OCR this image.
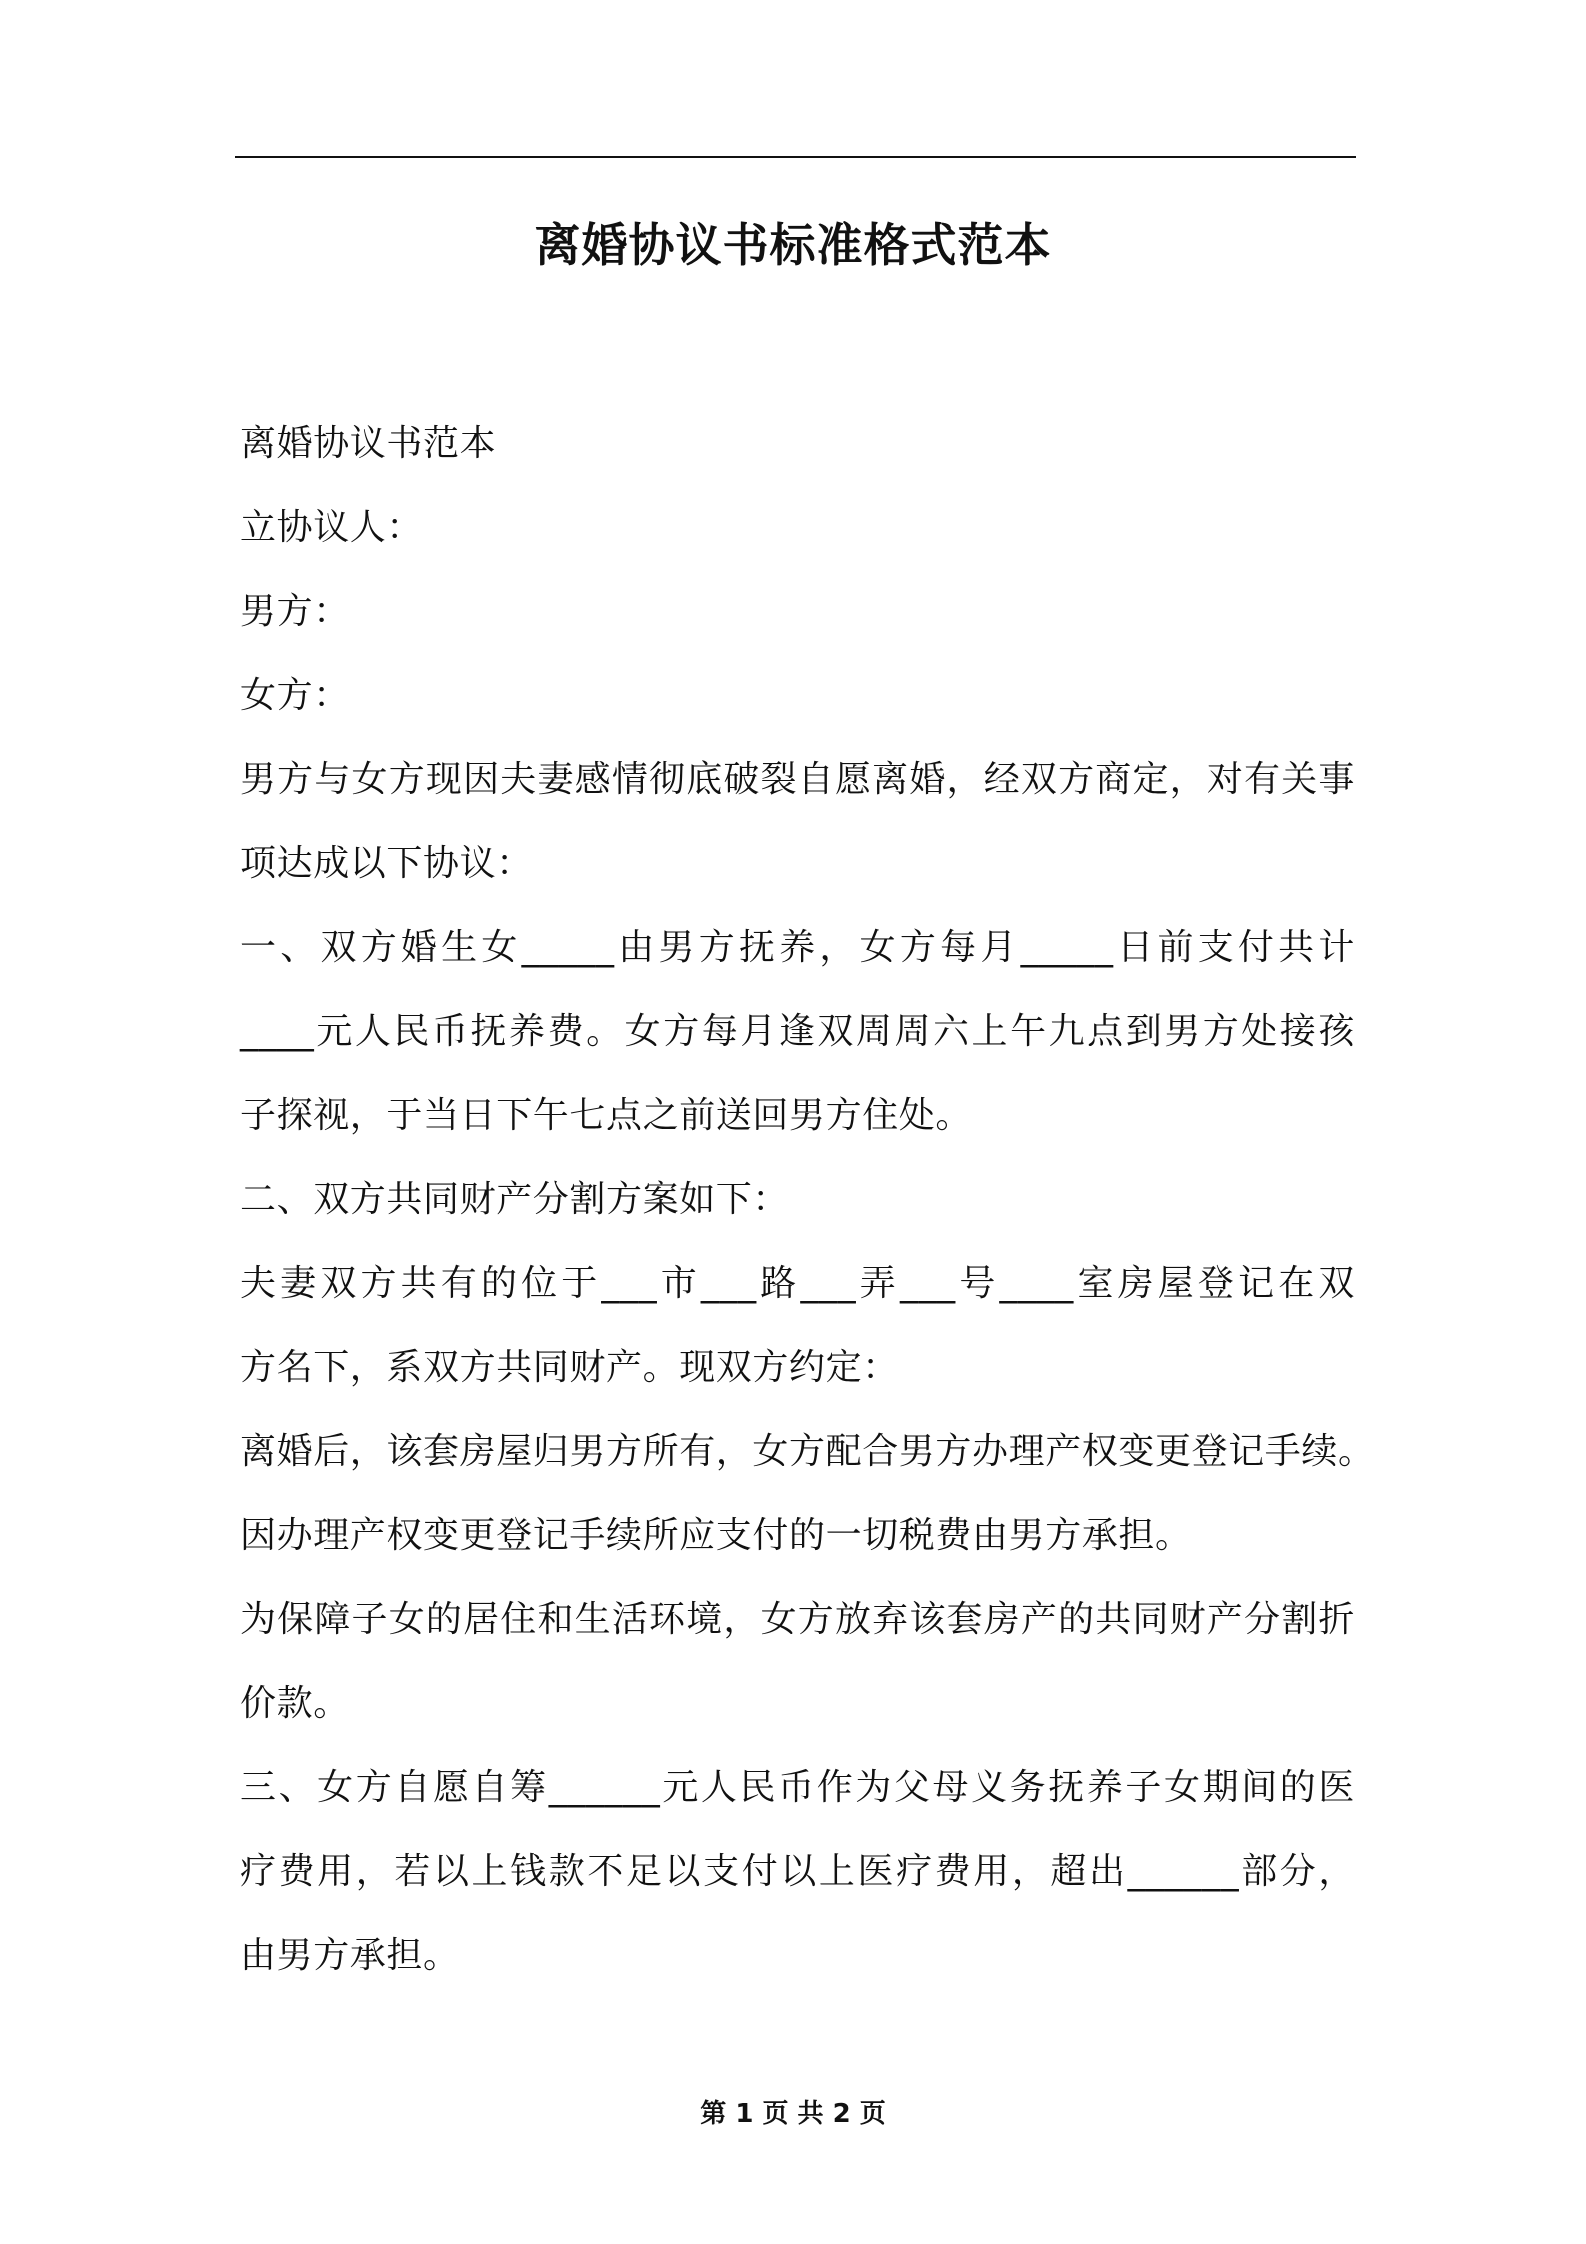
离婚协议书标准格式范本
离婚协议书范本
立协议人：
男方：
女方：
男方与女方现因夫妻感情彻底破裂自愿离婚，经双方商定，对有关事
项达成以下协议：
一、双方婚生女_____由男方抚养，女方每月_____日前支付共计
____元人民币抚养费。女方每月逢双周周六上午九点到男方处接孩
子探视，于当日下午七点之前送回男方住处。
二、双方共同财产分割方案如下：
夫妻双方共有的位于___市___路___弄___号____室房屋登记在双
方名下，系双方共同财产。现双方约定：
离婚后，该套房屋归男方所有，女方配合男方办理产权变更登记手续。
因办理产权变更登记手续所应支付的一切税费由男方承担。
为保障子女的居住和生活环境，女方放弃该套房产的共同财产分割折
价款。
三、女方自愿自筹______元人民币作为父母义务抚养子女期间的医
疗费用，若以上钱款不足以支付以上医疗费用，超出______部分，
由男方承担。
第 1 页 共 2 页
